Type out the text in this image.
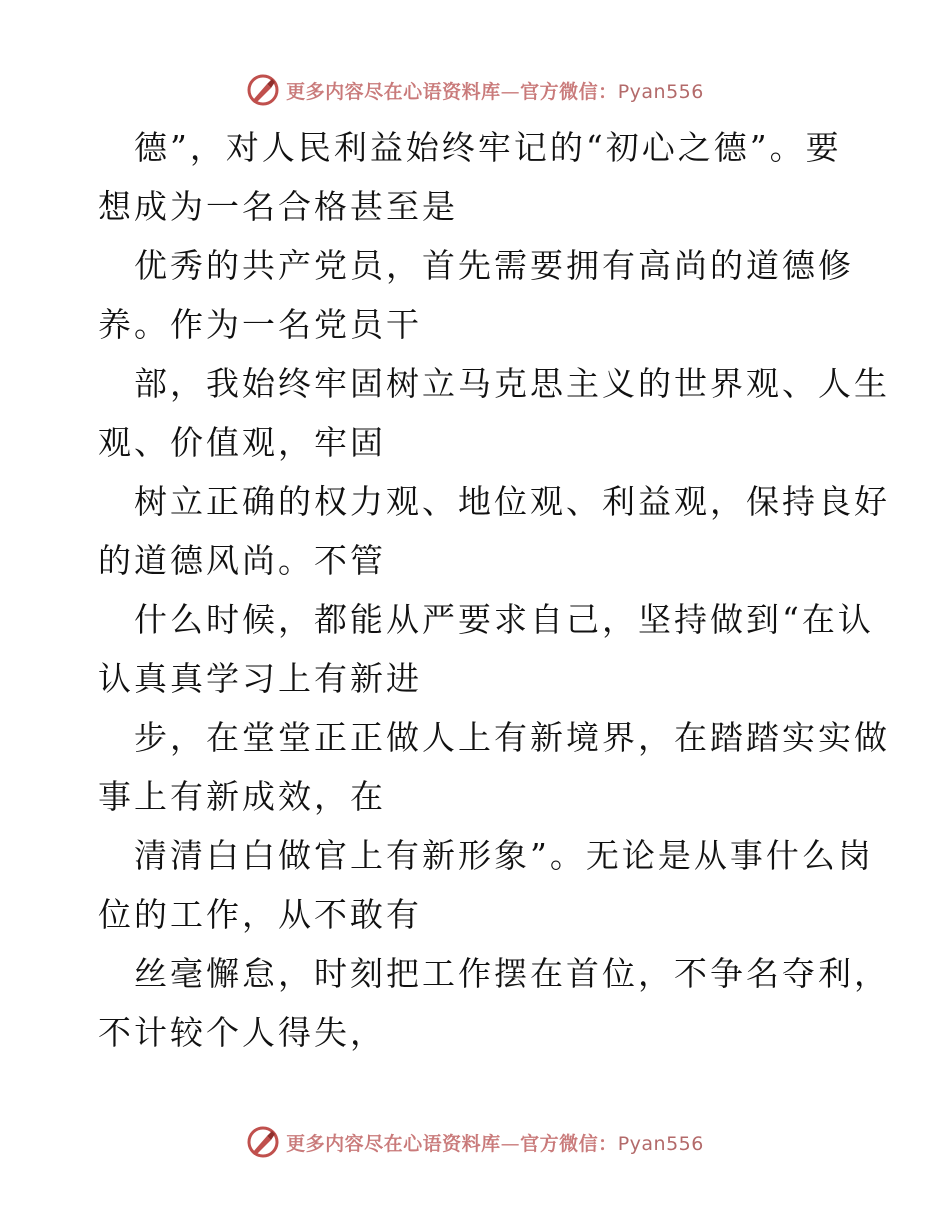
更多内容尽在心语资料库—官方微信：Pyan556
德”，对人民利益始终牢记的“初心之德”。要
想成为一名合格甚至是
优秀的共产党员，首先需要拥有高尚的道德修
养。作为一名党员干
部，我始终牢固树立马克思主义的世界观、人生
观、价值观，牢固
树立正确的权力观、地位观、利益观，保持良好
的道德风尚。不管
什么时候，都能从严要求自己，坚持做到“在认
认真真学习上有新进
步，在堂堂正正做人上有新境界，在踏踏实实做
事上有新成效，在
清清白白做官上有新形象”。无论是从事什么岗
位的工作，从不敢有
丝毫懈怠，时刻把工作摆在首位，不争名夺利，
不计较个人得失，
更多内容尽在心语资料库—官方微信：Pyan556
